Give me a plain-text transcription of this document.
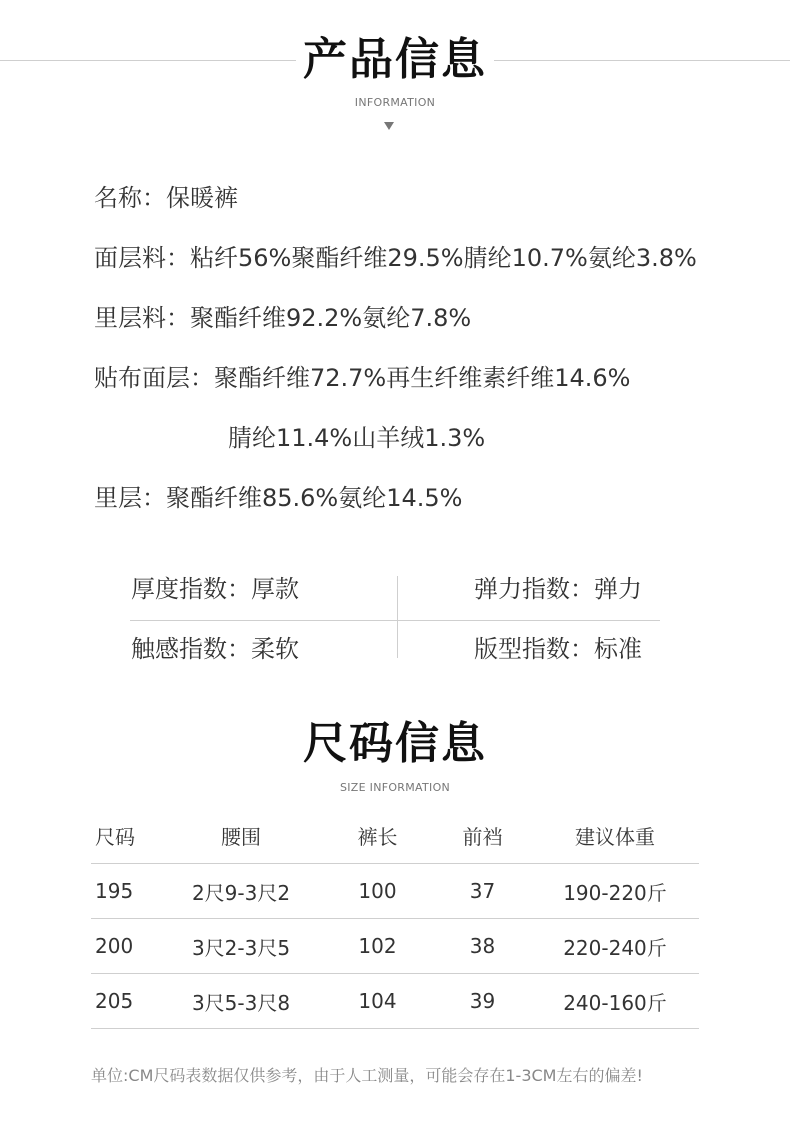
产品信息
INFORMATION
名称：保暖裤
面层料：粘纤56%聚酯纤维29.5%腈纶10.7%氨纶3.8%
里层料：聚酯纤维92.2%氨纶7.8%
贴布面层：聚酯纤维72.7%再生纤维素纤维14.6%
腈纶11.4%山羊绒1.3%
里层：聚酯纤维85.6%氨纶14.5%
厚度指数：厚款	弹力指数：弹力
触感指数：柔软	版型指数：标准
尺码信息
SIZE INFORMATION
尺码	腰围	裤长	前裆	建议体重
195	2尺9-3尺2	100	37	190-220斤
200	3尺2-3尺5	102	38	220-240斤
205	3尺5-3尺8	104	39	240-160斤
单位:CM尺码表数据仅供参考，由于人工测量，可能会存在1-3CM左右的偏差!
